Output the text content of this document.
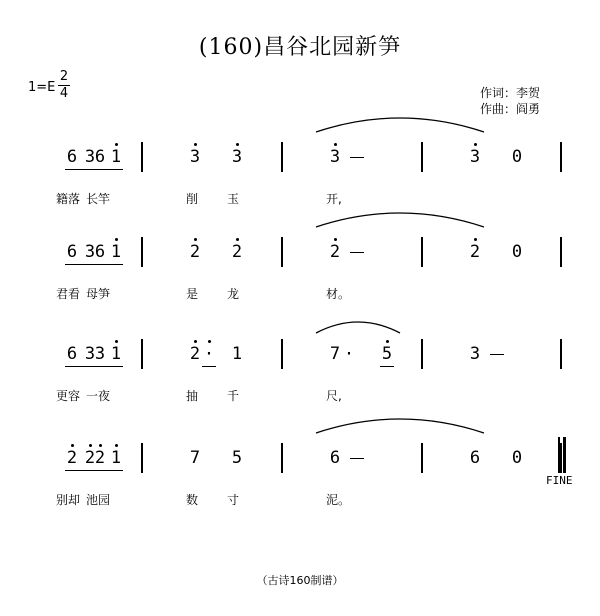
(160)昌谷北园新笋
1=E
2
4	作词：李贺
作曲：阎勇
6 3 6 1	3 3	3	3 0
籍落 长竿	削 玉	开,
6 3 6 1	2 2	2	2 0
君看 母笋	是 龙	材。
6 3 3 1	2 · 1	7 · 5	3
更容 一夜	抽 千	尺,
2 2 2 1	7 5	6	6 0
别却 池园	数 寸	泥。
FINE
（古诗160制谱）
